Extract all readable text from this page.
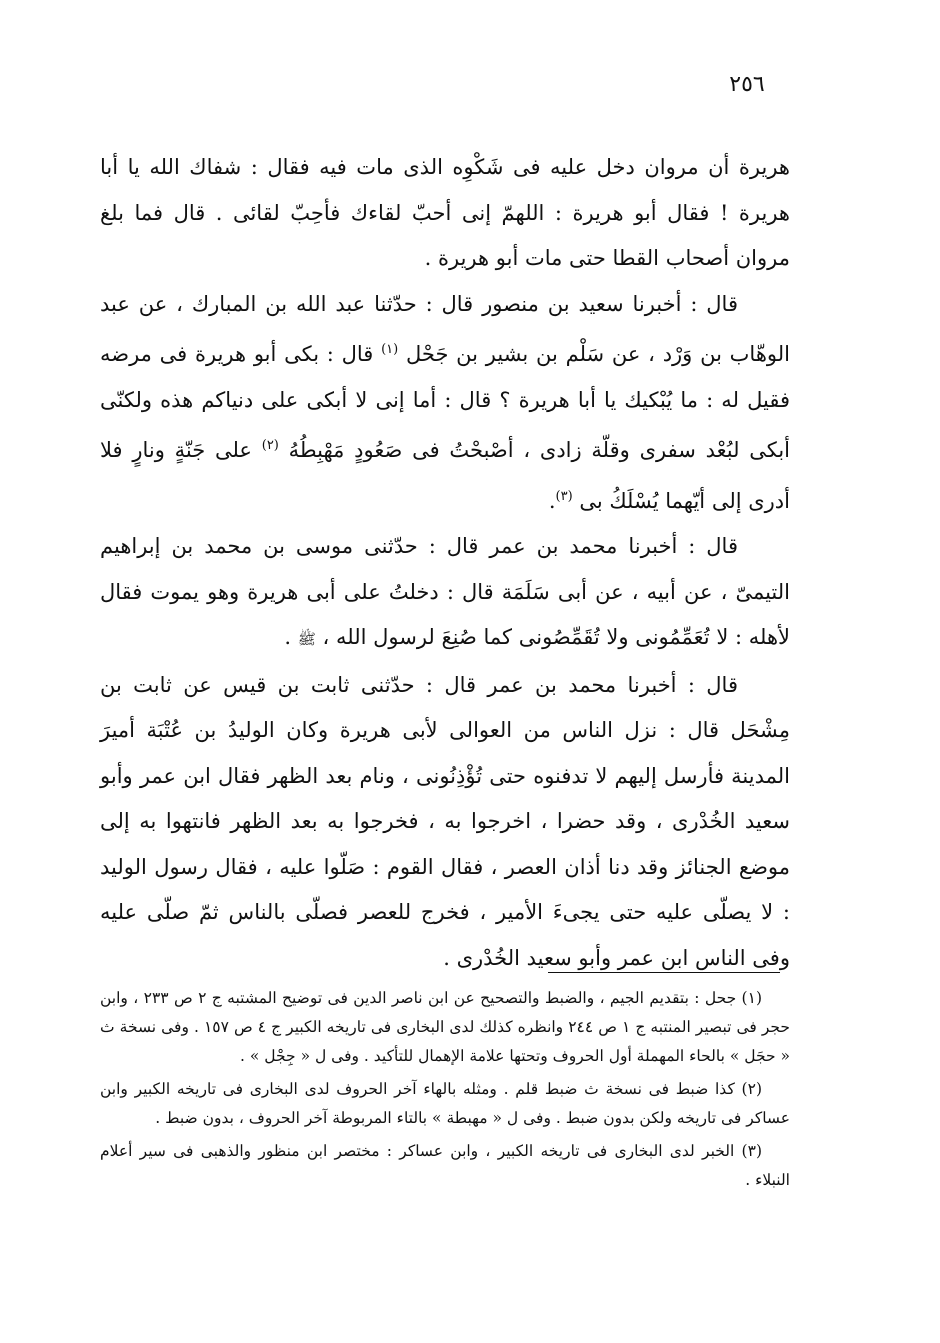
٢٥٦

هريرة أن مروان دخل عليه فى شَكْوِه الذى مات فيه فقال : شفاك الله يا أبا هريرة ! فقال أبو هريرة : اللهمّ إنى أحبّ لقاءك فأحِبّ لقائى . قال فما بلغ مروان أصحاب القطا حتى مات أبو هريرة .

قال : أخبرنا سعيد بن منصور قال : حدّثنا عبد الله بن المبارك ، عن عبد الوهّاب بن وَرْد ، عن سَلْم بن بشير بن جَحْل $^{(١)}$ قال : بكى أبو هريرة فى مرضه فقيل له : ما يُبْكيك يا أبا هريرة ؟ قال : أما إنى لا أبكى على دنياكم هذه ولكنّى أبكى لبُعْد سفرى وقلّة زادى ، أصْبحْتُ فى صَعُودٍ مَهْبِطُهُ $^{(٢)}$ على جَنّةٍ ونارٍ فلا أدرى إلى أيّهما يُسْلَكُ بى $^{(٣)}$.

قال : أخبرنا محمد بن عمر قال : حدّثنى موسى بن محمد بن إبراهيم التيمىّ ، عن أبيه ، عن أبى سَلَمَة قال : دخلتُ على أبى هريرة وهو يموت فقال لأهله : لا تُعَمِّمُونى ولا تُقَمِّصُونى كما صُنِعَ لرسول الله ، ﷺ .

قال : أخبرنا محمد بن عمر قال : حدّثنى ثابت بن قيس عن ثابت بن مِشْحَل قال : نزل الناس من العوالى لأبى هريرة وكان الوليدُ بن عُتْبَة أميرَ المدينة فأرسل إليهم لا تدفنوه حتى تُؤْذِنُونى ، ونام بعد الظهر فقال ابن عمر وأبو سعيد الخُدْرى ، وقد حضرا ، اخرجوا به ، فخرجوا به بعد الظهر فانتهوا به إلى موضع الجنائز وقد دنا أذان العصر ، فقال القوم : صَلّوا عليه ، فقال رسول الوليد : لا يصلّى عليه حتى يجىءَ الأمير ، فخرج للعصر فصلّى بالناس ثمّ صلّى عليه وفى الناس ابن عمر وأبو سعيد الخُدْرى .

(١) جحل : بتقديم الجيم ، والضبط والتصحيح عن ابن ناصر الدين فى توضيح المشتبه ج ٢ ص ٢٣٣ ، وابن حجر فى تبصير المنتبه ج ١ ص ٢٤٤ وانظره كذلك لدى البخارى فى تاريخه الكبير ج ٤ ص ١٥٧ . وفى نسخة ث « حجَل » بالحاء المهملة أول الحروف وتحتها علامة الإهمال للتأكيد . وفى ل « جِجْل » .

(٢) كذا ضبط فى نسخة ث ضبط قلم . ومثله بالهاء آخر الحروف لدى البخارى فى تاريخه الكبير وابن عساكر فى تاريخه ولكن بدون ضبط . وفى ل « مهبطة » بالتاء المربوطة آخر الحروف ، بدون ضبط .

(٣) الخبر لدى البخارى فى تاريخه الكبير ، وابن عساكر : مختصر ابن منظور والذهبى فى سير أعلام النبلاء .
